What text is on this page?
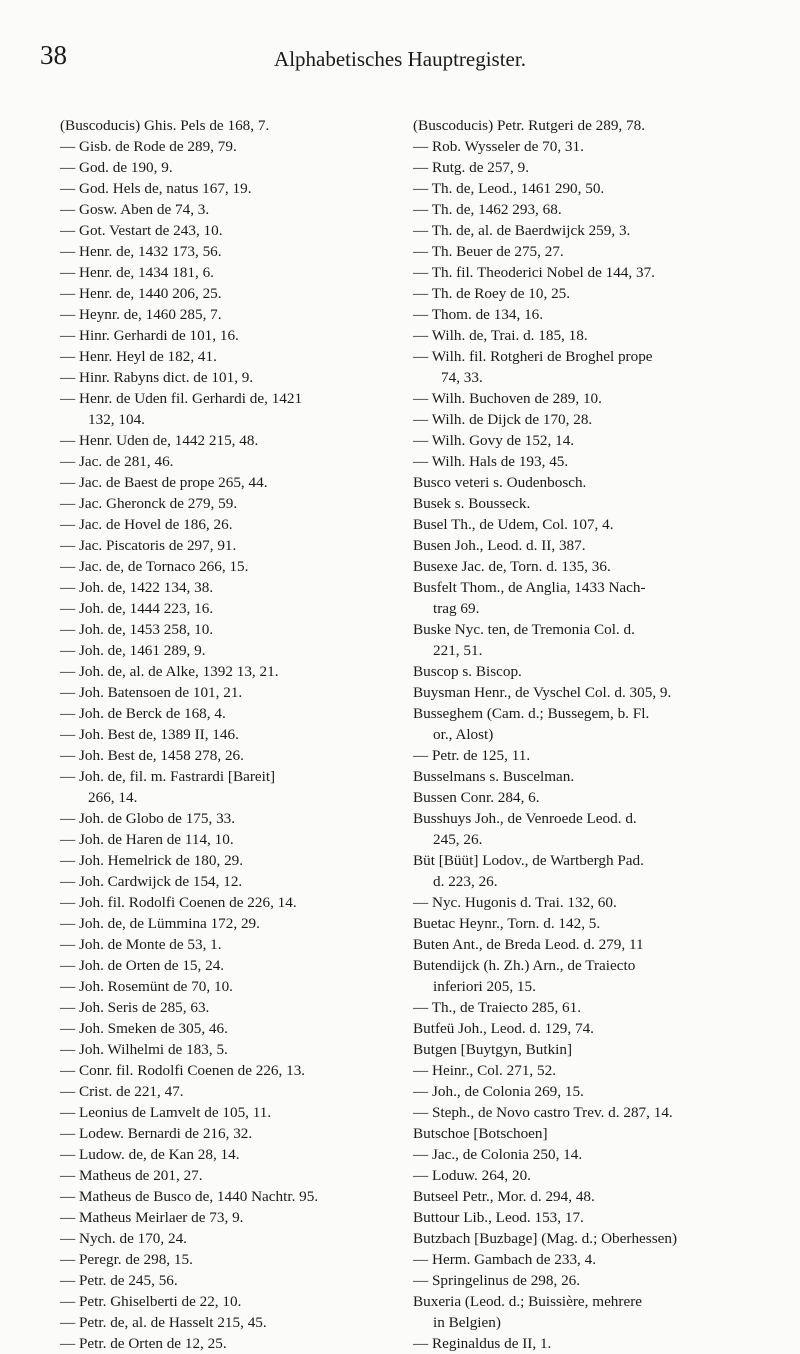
38	Alphabetisches Hauptregister.
(Buscoducis) Ghis. Pels de 168, 7.
— Gisb. de Rode de 289, 79.
— God. de 190, 9.
— God. Hels de, natus 167, 19.
— Gosw. Aben de 74, 3.
— Got. Vestart de 243, 10.
— Henr. de, 1432 173, 56.
— Henr. de, 1434 181, 6.
— Henr. de, 1440 206, 25.
— Heynr. de, 1460 285, 7.
— Hinr. Gerhardi de 101, 16.
— Henr. Heyl de 182, 41.
— Hinr. Rabyns dict. de 101, 9.
— Henr. de Uden fil. Gerhardi de, 1421
132, 104.
— Henr. Uden de, 1442 215, 48.
— Jac. de 281, 46.
— Jac. de Baest de prope 265, 44.
— Jac. Gheronck de 279, 59.
— Jac. de Hovel de 186, 26.
— Jac. Piscatoris de 297, 91.
— Jac. de, de Tornaco 266, 15.
— Joh. de, 1422 134, 38.
— Joh. de, 1444 223, 16.
— Joh. de, 1453 258, 10.
— Joh. de, 1461 289, 9.
— Joh. de, al. de Alke, 1392 13, 21.
— Joh. Batensoen de 101, 21.
— Joh. de Berck de 168, 4.
— Joh. Best de, 1389 II, 146.
— Joh. Best de, 1458 278, 26.
— Joh. de, fil. m. Fastrardi [Bareit]
266, 14.
— Joh. de Globo de 175, 33.
— Joh. de Haren de 114, 10.
— Joh. Hemelrick de 180, 29.
— Joh. Cardwijck de 154, 12.
— Joh. fil. Rodolfi Coenen de 226, 14.
— Joh. de, de Lümmina 172, 29.
— Joh. de Monte de 53, 1.
— Joh. de Orten de 15, 24.
— Joh. Rosemünt de 70, 10.
— Joh. Seris de 285, 63.
— Joh. Smeken de 305, 46.
— Joh. Wilhelmi de 183, 5.
— Conr. fil. Rodolfi Coenen de 226, 13.
— Crist. de 221, 47.
— Leonius de Lamvelt de 105, 11.
— Lodew. Bernardi de 216, 32.
— Ludow. de, de Kan 28, 14.
— Matheus de 201, 27.
— Matheus de Busco de, 1440 Nachtr. 95.
— Matheus Meirlaer de 73, 9.
— Nych. de 170, 24.
— Peregr. de 298, 15.
— Petr. de 245, 56.
— Petr. Ghiselberti de 22, 10.
— Petr. de, al. de Hasselt 215, 45.
— Petr. de Orten de 12, 25.
(Buscoducis) Petr. Rutgeri de 289, 78.
— Rob. Wysseler de 70, 31.
— Rutg. de 257, 9.
— Th. de, Leod., 1461 290, 50.
— Th. de, 1462 293, 68.
— Th. de, al. de Baerdwijck 259, 3.
— Th. Beuer de 275, 27.
— Th. fil. Theoderici Nobel de 144, 37.
— Th. de Roey de 10, 25.
— Thom. de 134, 16.
— Wilh. de, Trai. d. 185, 18.
— Wilh. fil. Rotgheri de Broghel prope
74, 33.
— Wilh. Buchoven de 289, 10.
— Wilh. de Dijck de 170, 28.
— Wilh. Govy de 152, 14.
— Wilh. Hals de 193, 45.
Busco veteri s. Oudenbosch.
Busek s. Bousseck.
Busel Th., de Udem, Col. 107, 4.
Busen Joh., Leod. d. II, 387.
Busexe Jac. de, Torn. d. 135, 36.
Busfelt Thom., de Anglia, 1433 Nach-
trag 69.
Buske Nyc. ten, de Tremonia Col. d.
221, 51.
Buscop s. Biscop.
Buysman Henr., de Vyschel Col. d. 305, 9.
Busseghem (Cam. d.; Bussegem, b. Fl.
or., Alost)
— Petr. de 125, 11.
Busselmans s. Buscelman.
Bussen Conr. 284, 6.
Busshuys Joh., de Venroede Leod. d.
245, 26.
Büt [Büüt] Lodov., de Wartbergh Pad.
d. 223, 26.
— Nyc. Hugonis d. Trai. 132, 60.
Buetac Heynr., Torn. d. 142, 5.
Buten Ant., de Breda Leod. d. 279, 11
Butendijck (h. Zh.) Arn., de Traiecto
inferiori 205, 15.
— Th., de Traiecto 285, 61.
Butfeü Joh., Leod. d. 129, 74.
Butgen [Buytgyn, Butkin]
— Heinr., Col. 271, 52.
— Joh., de Colonia 269, 15.
— Steph., de Novo castro Trev. d. 287, 14.
Butschoe [Botschoen]
— Jac., de Colonia 250, 14.
— Loduw. 264, 20.
Butseel Petr., Mor. d. 294, 48.
Buttour Lib., Leod. 153, 17.
Butzbach [Buzbage] (Mag. d.; Oberhessen)
— Herm. Gambach de 233, 4.
— Springelinus de 298, 26.
Buxeria (Leod. d.; Buissière, mehrere
in Belgien)
— Reginaldus de II, 1.
